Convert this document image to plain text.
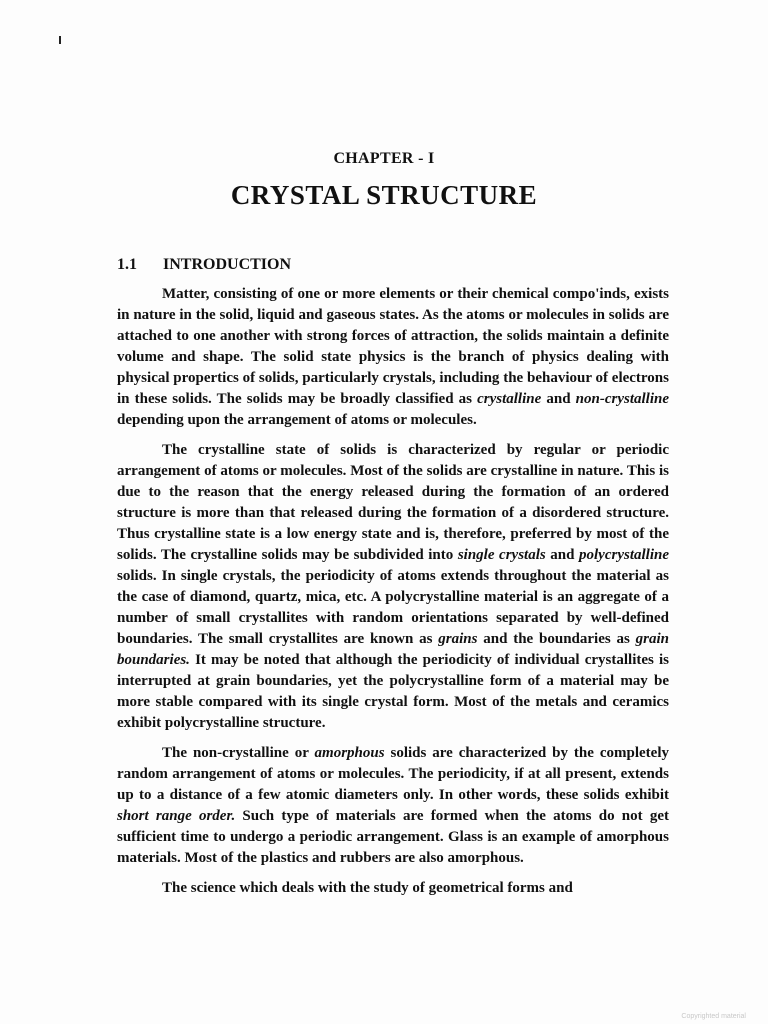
CHAPTER - I
CRYSTAL STRUCTURE
1.1 INTRODUCTION

Matter, consisting of one or more elements or their chemical compo'inds, exists in nature in the solid, liquid and gaseous states. As the atoms or molecules in solids are attached to one another with strong forces of attraction, the solids maintain a definite volume and shape. The solid state physics is the branch of physics dealing with physical propertics of solids, particularly crystals, including the behaviour of electrons in these solids. The solids may be broadly classified as crystalline and non-crystalline depending upon the arrangement of atoms or molecules.

The crystalline state of solids is characterized by regular or periodic arrangement of atoms or molecules. Most of the solids are crystalline in nature. This is due to the reason that the energy released during the formation of an ordered structure is more than that released during the formation of a disordered structure. Thus crystalline state is a low energy state and is, therefore, preferred by most of the solids. The crystalline solids may be subdivided into single crystals and polycrystalline solids. In single crystals, the periodicity of atoms extends throughout the material as the case of diamond, quartz, mica, etc. A polycrystalline material is an aggregate of a number of small crystallites with random orientations separated by well-defined boundaries. The small crystallites are known as grains and the boundaries as grain boundaries. It may be noted that although the periodicity of individual crystallites is interrupted at grain boundaries, yet the polycrystalline form of a material may be more stable compared with its single crystal form. Most of the metals and ceramics exhibit polycrystalline structure.

The non-crystalline or amorphous solids are characterized by the completely random arrangement of atoms or molecules. The periodicity, if at all present, extends up to a distance of a few atomic diameters only. In other words, these solids exhibit short range order. Such type of materials are formed when the atoms do not get sufficient time to undergo a periodic arrangement. Glass is an example of amorphous materials. Most of the plastics and rubbers are also amorphous.

The science which deals with the study of geometrical forms and

Copyrighted material
